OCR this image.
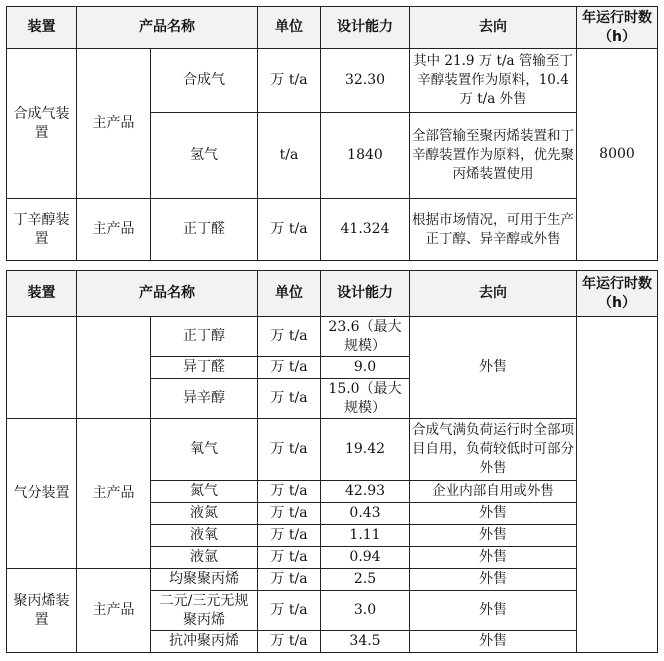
装置	产品名称		单位	设计能力	去向	年运行时数（h）
合成气装置	主产品	合成气	万 t/a	32.30	其中 21.9 万 t/a 管输至丁辛醇装置作为原料，10.4 万 t/a 外售	8000
		氢气	t/a	1840	全部管输至聚丙烯装置和丁辛醇装置作为原料，优先聚丙烯装置使用	
丁辛醇装置	主产品	正丁醛	万 t/a	41.324	根据市场情况，可用于生产正丁醇、异辛醇或外售	
装置	产品名称		单位	设计能力	去向	年运行时数（h）
		正丁醇	万 t/a	23.6（最大规模）	外售	
		异丁醛	万 t/a	9.0		
		异辛醇	万 t/a	15.0（最大规模）		
气分装置	主产品	氧气	万 t/a	19.42	合成气满负荷运行时全部项目自用，负荷较低时可部分外售	
		氮气	万 t/a	42.93	企业内部自用或外售	
		液氮	万 t/a	0.43	外售	
		液氧	万 t/a	1.11	外售	
		液氩	万 t/a	0.94	外售	
聚丙烯装置	主产品	均聚聚丙烯	万 t/a	2.5	外售	
		二元/三元无规聚丙烯	万 t/a	3.0	外售	
		抗冲聚丙烯	万 t/a	34.5	外售	
